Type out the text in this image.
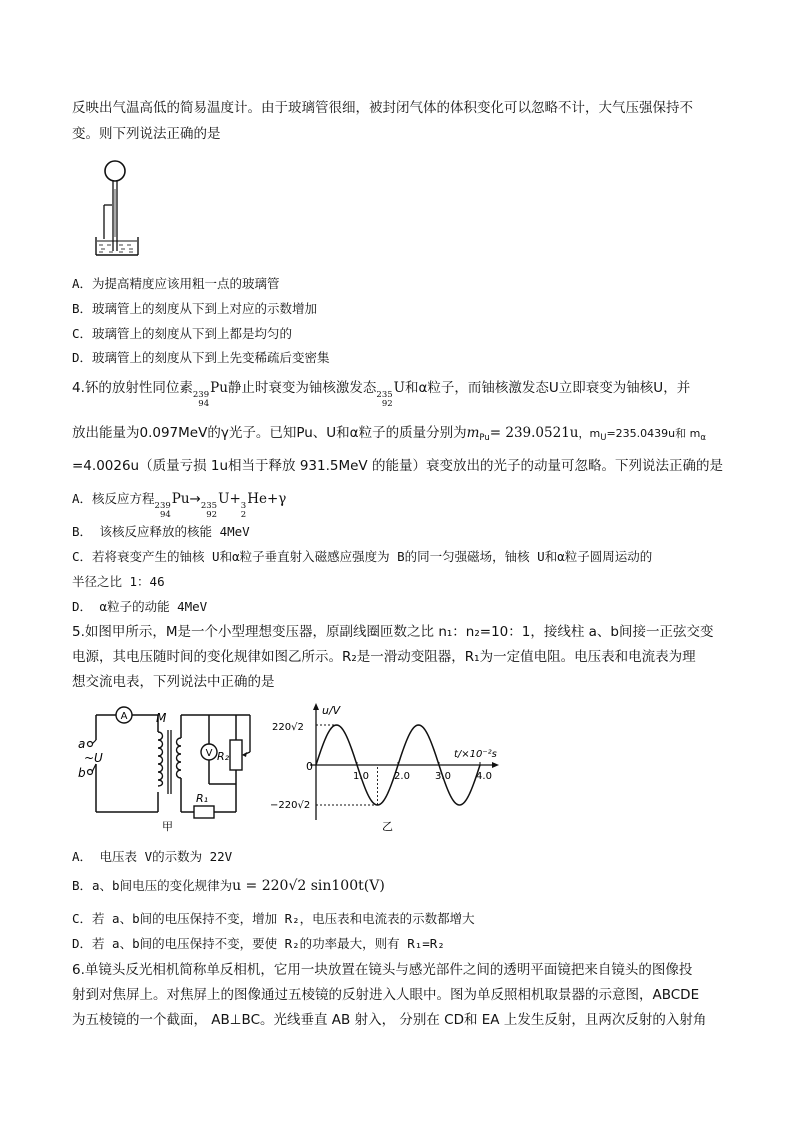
反映出气温高低的简易温度计。由于玻璃管很细，被封闭气体的体积变化可以忽略不计，大气压强保持不
变。则下列说法正确的是
A．为提高精度应该用粗一点的玻璃管
B．玻璃管上的刻度从下到上对应的示数增加
C．玻璃管上的刻度从下到上都是均匀的
D．玻璃管上的刻度从下到上先变稀疏后变密集
4.钚的放射性同位素 239
94
Pu静止时衰变为铀核激发态 235
92
U和α粒子，而铀核激发态U立即衰变为铀核U，并
放出能量为0.097MeV的γ光子。已知Pu、U和α粒子的质量分别为$m_{Pu}= 239.0521u$，$m_U=235.0439u$和 $m_\alpha$
=4.0026u（质量亏损 1u相当于释放 931.5MeV 的能量）衰变放出的光子的动量可忽略。下列说法正确的是
A．核反应方程 239
94
Pu→ 235
92
U+ 3
2
He+γ
B． 该核反应释放的核能 4MeV
C．若将衰变产生的铀核 U和α粒子垂直射入磁感应强度为 B的同一匀强磁场，铀核 U和α粒子圆周运动的
半径之比 1：46
D． α粒子的动能 4MeV
5.如图甲所示，M是一个小型理想变压器，原副线圈匝数之比 n₁：n₂=10：1，接线柱 a、b间接一正弦交变
电源，其电压随时间的变化规律如图乙所示。R₂是一滑动变阻器，R₁为一定值电阻。电压表和电流表为理
想交流电表，下列说法中正确的是
A
a
b
~U
M
R₁
V R₂
甲
u/V
t/×10⁻²s
0
220√2
−220√2
1.0	2.0	3.0	4.0
乙
A． 电压表 V的示数为 22V
B．a、b间电压的变化规律为u = 220√2 sin100t(V)
C．若 a、b间的电压保持不变，增加 R₂，电压表和电流表的示数都增大
D．若 a、b间的电压保持不变，要使 R₂的功率最大，则有 R₁=R₂
6.单镜头反光相机简称单反相机，它用一块放置在镜头与感光部件之间的透明平面镜把来自镜头的图像投
射到对焦屏上。对焦屏上的图像通过五棱镜的反射进入人眼中。图为单反照相机取景器的示意图，ABCDE
为五棱镜的一个截面， AB⊥BC。光线垂直 AB 射入， 分别在 CD和 EA 上发生反射，且两次反射的入射角
